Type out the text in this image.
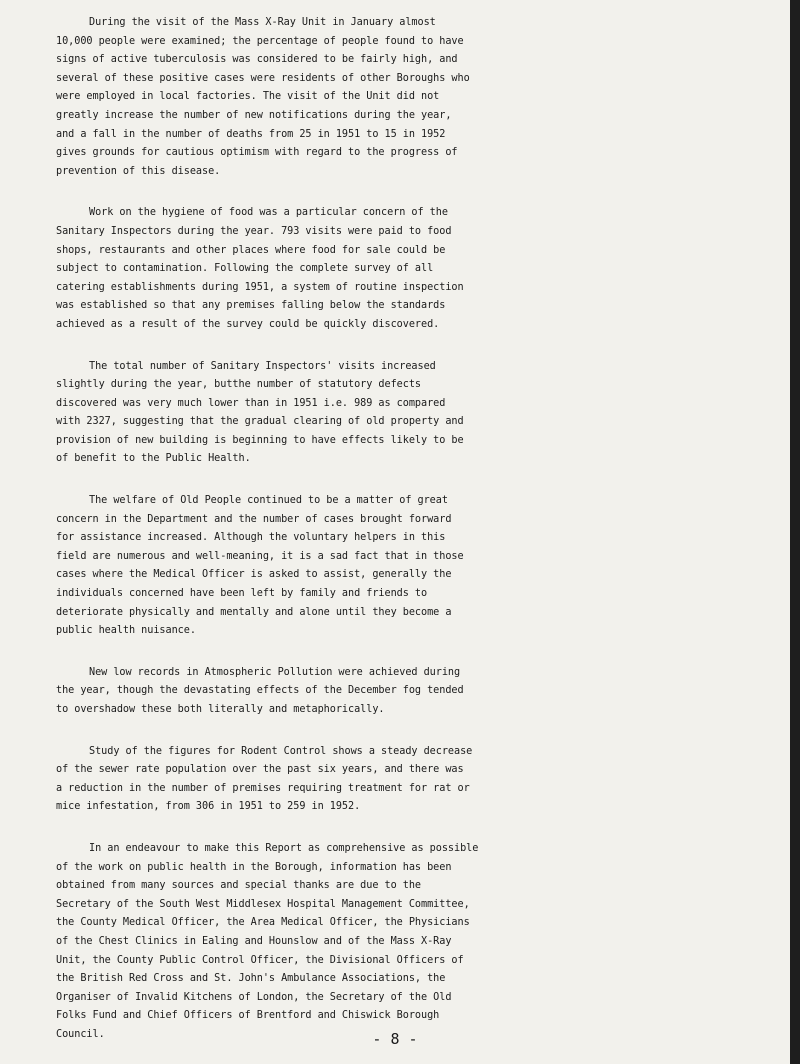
During the visit of the Mass X-Ray Unit in January almost
10,000 people were examined; the percentage of people found to have
signs of active tuberculosis was considered to be fairly high, and
several of these positive cases were residents of other Boroughs who
were employed in local factories. The visit of the Unit did not
greatly increase the number of new notifications during the year,
and a fall in the number of deaths from 25 in 1951 to 15 in 1952
gives grounds for cautious optimism with regard to the progress of
prevention of this disease.
Work on the hygiene of food was a particular concern of the
Sanitary Inspectors during the year. 793 visits were paid to food
shops, restaurants and other places where food for sale could be
subject to contamination. Following the complete survey of all
catering establishments during 1951, a system of routine inspection
was established so that any premises falling below the standards
achieved as a result of the survey could be quickly discovered.
The total number of Sanitary Inspectors' visits increased
slightly during the year, butthe number of statutory defects
discovered was very much lower than in 1951 i.e. 989 as compared
with 2327, suggesting that the gradual clearing of old property and
provision of new building is beginning to have effects likely to be
of benefit to the Public Health.
The welfare of Old People continued to be a matter of great
concern in the Department and the number of cases brought forward
for assistance increased. Although the voluntary helpers in this
field are numerous and well-meaning, it is a sad fact that in those
cases where the Medical Officer is asked to assist, generally the
individuals concerned have been left by family and friends to
deteriorate physically and mentally and alone until they become a
public health nuisance.
New low records in Atmospheric Pollution were achieved during
the year, though the devastating effects of the December fog tended
to overshadow these both literally and metaphorically.
Study of the figures for Rodent Control shows a steady decrease
of the sewer rate population over the past six years, and there was
a reduction in the number of premises requiring treatment for rat or
mice infestation, from 306 in 1951 to 259 in 1952.
In an endeavour to make this Report as comprehensive as possible
of the work on public health in the Borough, information has been
obtained from many sources and special thanks are due to the
Secretary of the South West Middlesex Hospital Management Committee,
the County Medical Officer, the Area Medical Officer, the Physicians
of the Chest Clinics in Ealing and Hounslow and of the Mass X-Ray
Unit, the County Public Control Officer, the Divisional Officers of
the British Red Cross and St. John's Ambulance Associations, the
Organiser of Invalid Kitchens of London, the Secretary of the Old
Folks Fund and Chief Officers of Brentford and Chiswick Borough
Council.	- 8 -
